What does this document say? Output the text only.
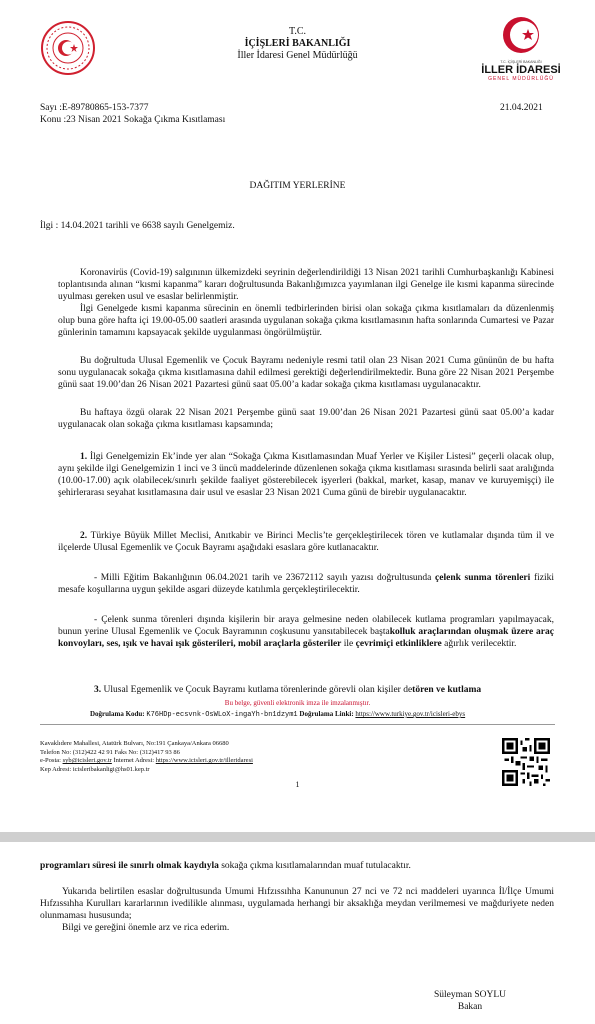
T.C.
İÇİŞLERİ BAKANLIĞI
İller İdaresi Genel Müdürlüğü
T.C. İÇİŞLERİ BAKANLIĞI
İLLER İDARESİ
GENEL MÜDÜRLÜĞÜ
Sayı :E-89780865-153-7377
Konu :23 Nisan 2021 Sokağa Çıkma Kısıtlaması
21.04.2021
DAĞITIM YERLERİNE
İlgi : 14.04.2021 tarihli ve 6638 sayılı Genelgemiz.
Koronavirüs (Covid-19) salgınının ülkemizdeki seyrinin değerlendirildiği 13 Nisan 2021 tarihli Cumhurbaşkanlığı Kabinesi toplantısında alınan “kısmi kapanma” kararı doğrultusunda Bakanlığımızca yayımlanan ilgi Genelge ile kısmi kapanma sürecinde uyulması gereken usul ve esaslar belirlenmiştir.
İlgi Genelgede kısmi kapanma sürecinin en önemli tedbirlerinden birisi olan sokağa çıkma kısıtlamaları da düzenlenmiş olup buna göre hafta içi 19.00-05.00 saatleri arasında uygulanan sokağa çıkma kısıtlamasının hafta sonlarında Cumartesi ve Pazar günlerinin tamamını kapsayacak şekilde uygulanması öngörülmüştür.
Bu doğrultuda Ulusal Egemenlik ve Çocuk Bayramı nedeniyle resmi tatil olan 23 Nisan 2021 Cuma gününün de bu hafta sonu uygulanacak sokağa çıkma kısıtlamasına dahil edilmesi gerektiği değerlendirilmektedir. Buna göre 22 Nisan 2021 Perşembe günü saat 19.00’dan 26 Nisan 2021 Pazartesi günü saat 05.00’a kadar sokağa çıkma kısıtlaması uygulanacaktır.
Bu haftaya özgü olarak 22 Nisan 2021 Perşembe günü saat 19.00’dan 26 Nisan 2021 Pazartesi günü saat 05.00’a kadar uygulanacak olan sokağa çıkma kısıtlaması kapsamında;
1. İlgi Genelgemizin Ek’inde yer alan “Sokağa Çıkma Kısıtlamasından Muaf Yerler ve Kişiler Listesi” geçerli olacak olup, aynı şekilde ilgi Genelgemizin 1 inci ve 3 üncü maddelerinde düzenlenen sokağa çıkma kısıtlaması sırasında belirli saat aralığında (10.00-17.00) açık olabilecek/sınırlı şekilde faaliyet gösterebilecek işyerleri (bakkal, market, kasap, manav ve kuruyemişçi) ile şehirlerarası seyahat kısıtlamasına dair usul ve esaslar 23 Nisan 2021 Cuma günü de birebir uygulanacaktır.
2. Türkiye Büyük Millet Meclisi, Anıtkabir ve Birinci Meclis’te gerçekleştirilecek tören ve kutlamalar dışında tüm il ve ilçelerde Ulusal Egemenlik ve Çocuk Bayramı aşağıdaki esaslara göre kutlanacaktır.
- Milli Eğitim Bakanlığının 06.04.2021 tarih ve 23672112 sayılı yazısı doğrultusunda çelenk sunma törenleri fiziki mesafe koşullarına uygun şekilde asgari düzeyde katılımla gerçekleştirilecektir.
- Çelenk sunma törenleri dışında kişilerin bir araya gelmesine neden olabilecek kutlama programları yapılmayacak, bunun yerine Ulusal Egemenlik ve Çocuk Bayramının coşkusunu yansıtabilecek baştakolluk araçlarından oluşmak üzere araç konvoyları, ses, ışık ve havai ışık gösterileri, mobil araçlarla gösteriler ile çevrimiçi etkinliklere ağırlık verilecektir.
3. Ulusal Egemenlik ve Çocuk Bayramı kutlama törenlerinde görevli olan kişiler detören ve kutlama
Bu belge, güvenli elektronik imza ile imzalanmıştır.
Doğrulama Kodu: K76HDp-ecsvnk-OsWLoX-ingaYh-bn1dzym1 Doğrulama Linki: https://www.turkiye.gov.tr/icisleri-ebys
Kavaklıdere Mahallesi, Atatürk Bulvarı, No:191 Çankaya/Ankara 06680
Telefon No: (312)422 42 91 Faks No: (312)417 93 86
e-Posta: syb@icisleri.gov.tr İnternet Adresi: https://www.icisleri.gov.tr/illeridaresi
Kep Adresi: icisleribakanligi@hs01.kep.tr
1
programları süresi ile sınırlı olmak kaydıyla sokağa çıkma kısıtlamalarından muaf tutulacaktır.
Yukarıda belirtilen esaslar doğrultusunda Umumi Hıfzıssıhha Kanununun 27 nci ve 72 nci maddeleri uyarınca İl/İlçe Umumi Hıfzıssıhha Kurulları kararlarının ivedilikle alınması, uygulamada herhangi bir aksaklığa meydan verilmemesi ve mağduriyete neden olunmaması hususunda;
Bilgi ve gereğini önemle arz ve rica ederim.
Süleyman SOYLU
Bakan
